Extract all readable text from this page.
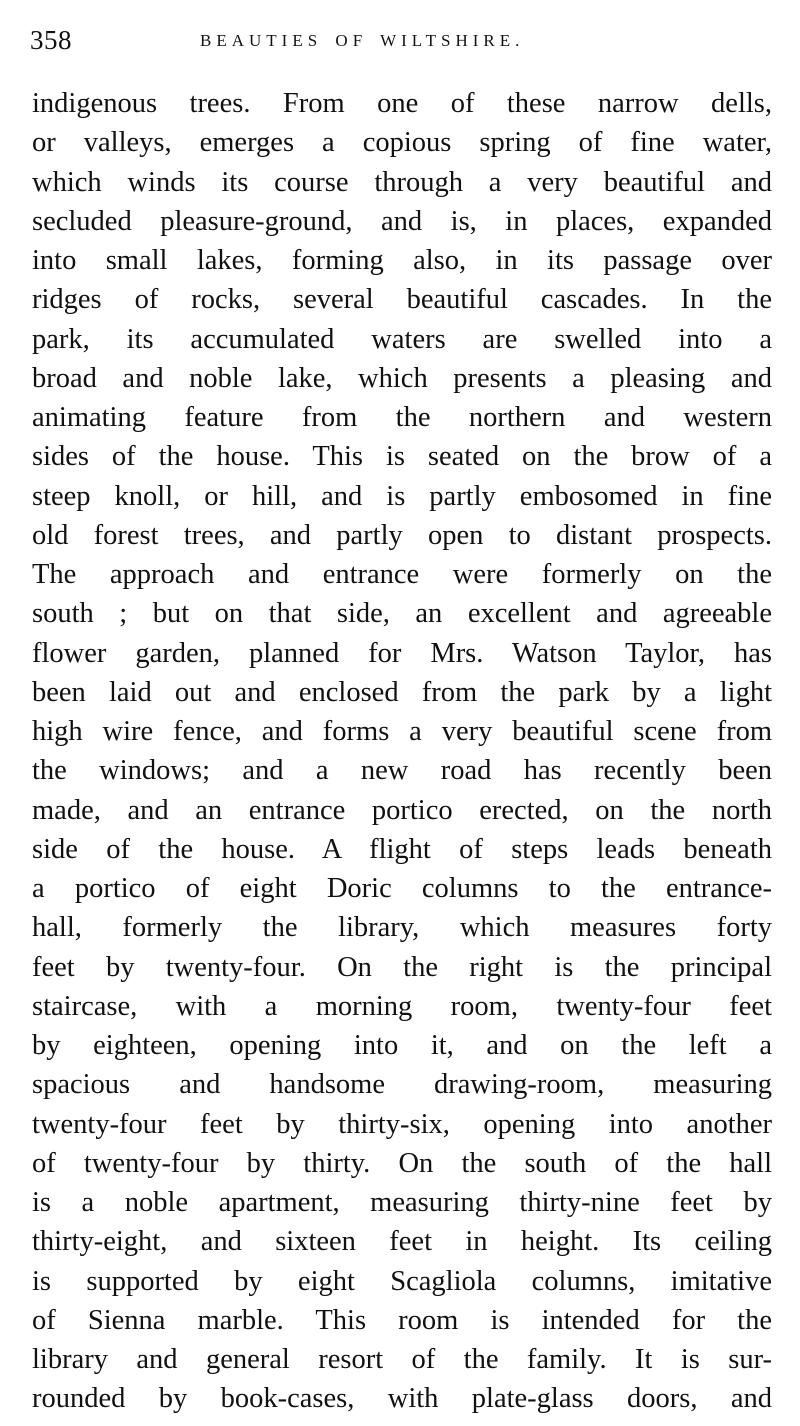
358	BEAUTIES OF WILTSHIRE.
indigenous trees. From one of these narrow dells,
or valleys, emerges a copious spring of fine water,
which winds its course through a very beautiful and
secluded pleasure-ground, and is, in places, expanded
into small lakes, forming also, in its passage over
ridges of rocks, several beautiful cascades. In the
park, its accumulated waters are swelled into a
broad and noble lake, which presents a pleasing and
animating feature from the northern and western
sides of the house. This is seated on the brow of a
steep knoll, or hill, and is partly embosomed in fine
old forest trees, and partly open to distant prospects.
The approach and entrance were formerly on the
south ; but on that side, an excellent and agreeable
flower garden, planned for Mrs. Watson Taylor, has
been laid out and enclosed from the park by a light
high wire fence, and forms a very beautiful scene from
the windows; and a new road has recently been
made, and an entrance portico erected, on the north
side of the house. A flight of steps leads beneath
a portico of eight Doric columns to the entrance-
hall, formerly the library, which measures forty
feet by twenty-four. On the right is the principal
staircase, with a morning room, twenty-four feet
by eighteen, opening into it, and on the left a
spacious and handsome drawing-room, measuring
twenty-four feet by thirty-six, opening into another
of twenty-four by thirty. On the south of the hall
is a noble apartment, measuring thirty-nine feet by
thirty-eight, and sixteen feet in height. Its ceiling
is supported by eight Scagliola columns, imitative
of Sienna marble. This room is intended for the
library and general resort of the family. It is sur-
rounded by book-cases, with plate-glass doors, and
